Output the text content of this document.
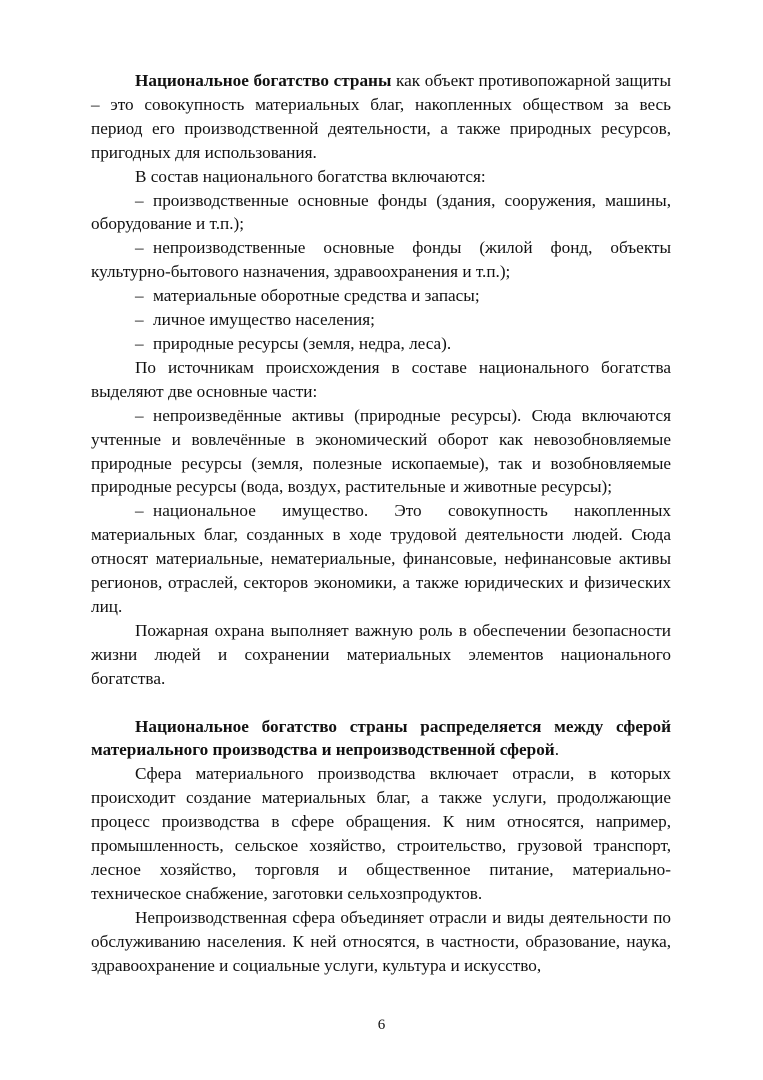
Национальное богатство страны как объект противопожарной защиты – это совокупность материальных благ, накопленных обществом за весь период его производственной деятельности, а также природных ресурсов, пригодных для использования.

В состав национального богатства включаются:

– производственные основные фонды (здания, сооружения, машины, оборудование и т.п.);

– непроизводственные основные фонды (жилой фонд, объекты культурно-бытового назначения, здравоохранения и т.п.);

– материальные оборотные средства и запасы;

– личное имущество населения;

– природные ресурсы (земля, недра, леса).

По источникам происхождения в составе национального богатства выделяют две основные части:

– непроизведённые активы (природные ресурсы). Сюда включаются учтенные и вовлечённые в экономический оборот как невозобновляемые природные ресурсы (земля, полезные ископаемые), так и возобновляемые природные ресурсы (вода, воздух, растительные и животные ресурсы);

– национальное имущество. Это совокупность накопленных материальных благ, созданных в ходе трудовой деятельности людей. Сюда относят материальные, нематериальные, финансовые, нефинансовые активы регионов, отраслей, секторов экономики, а также юридических и физических лиц.

Пожарная охрана выполняет важную роль в обеспечении безопасности жизни людей и сохранении материальных элементов национального богатства.

Национальное богатство страны распределяется между сферой материального производства и непроизводственной сферой.

Сфера материального производства включает отрасли, в которых происходит создание материальных благ, а также услуги, продолжающие процесс производства в сфере обращения. К ним относятся, например, промышленность, сельское хозяйство, строительство, грузовой транспорт, лесное хозяйство, торговля и общественное питание, материально-техническое снабжение, заготовки сельхозпродуктов.

Непроизводственная сфера объединяет отрасли и виды деятельности по обслуживанию населения. К ней относятся, в частности, образование, наука, здравоохранение и социальные услуги, культура и искусство,

6
